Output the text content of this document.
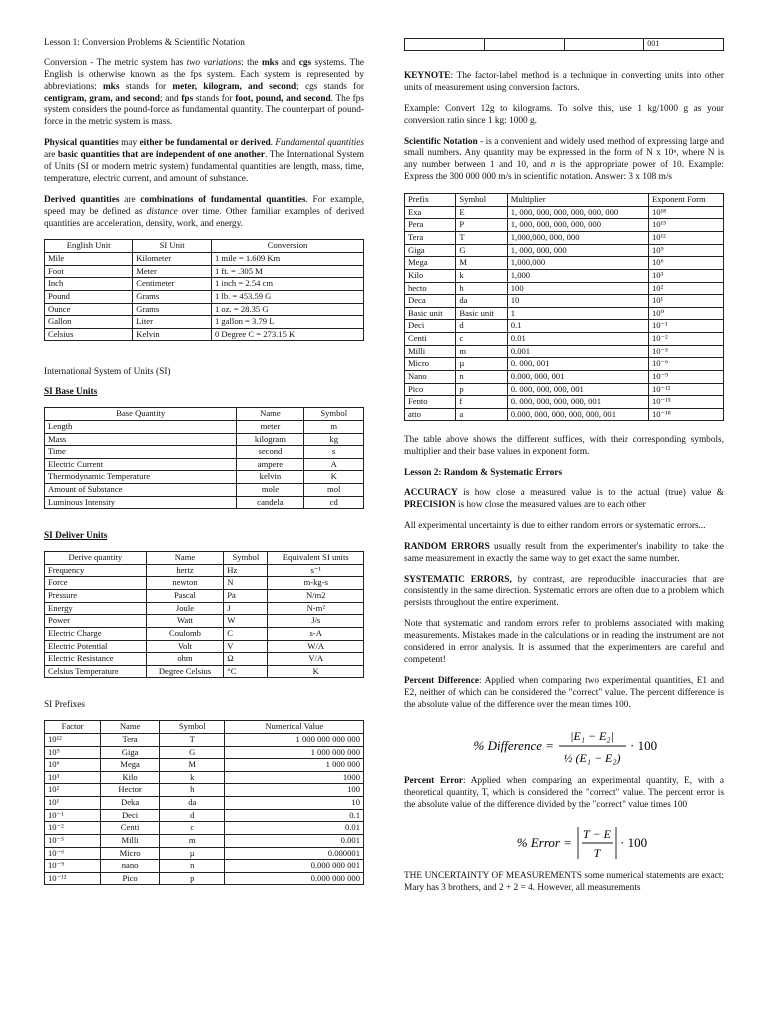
Lesson 1: Conversion Problems & Scientific Notation

Conversion - The metric system has two variations: the mks and cgs systems. The English is otherwise known as the fps system. Each system is represented by abbreviations: mks stands for meter, kilogram, and second; cgs stands for centigram, gram, and second; and fps stands for foot, pound, and second. The fps system considers the pound-force as fundamental quantity. The counterpart of pound-force in the metric system is mass.

Physical quantities may either be fundamental or derived. Fundamental quantities are basic quantities that are independent of one another. The International System of Units (SI or modern metric system) fundamental quantities are length, mass, time, temperature, electric current, and amount of substance.

Derived quantities are combinations of fundamental quantities. For example, speed may be defined as distance over time. Other familiar examples of derived quantities are acceleration, density, work, and energy.

English Unit	SI Unit	Conversion
Mile	Kilometer	1 mile = 1.609 Km
Foot	Meter	1 ft. = .305 M
Inch	Centimeter	1 inch = 2.54 cm
Pound	Grams	1 lb. = 453.59 G
Ounce	Grams	1 oz. = 28.35 G
Gallon	Liter	1 gallon = 3.79 L
Celsius	Kelvin	0 Degree C = 273.15 K

International System of Units (SI)

SI Base Units

Base Quantity	Name	Symbol
Length	meter	m
Mass	kilogram	kg
Time	second	s
Electric Current	ampere	A
Thermodynamic Temperature	kelvin	K
Amount of Substance	mole	mol
Luminous Intensity	candela	cd

SI Deliver Units

Derive quantity	Name	Symbol	Equivalent SI units
Frequency	hertz	Hz	s⁻¹
Force	newton	N	m-kg-s
Pressure	Pascal	Pa	N/m2
Energy	Joule	J	N-m²
Power	Watt	W	J/s
Electric Charge	Coulomb	C	s-A
Electric Potential	Volt	V	W/A
Electric Resistance	ohm	Ω	V/A
Celsius Temperature	Degree Celsius	°C	K

SI Prefixes

Factor	Name	Symbol	Numerical Value
10¹²	Tera	T	1 000 000 000 000
10⁹	Giga	G	1 000 000 000
10⁶	Mega	M	1 000 000
10³	Kilo	k	1000
10²	Hector	h	100
10¹	Deka	da	10
10⁻¹	Deci	d	0.1
10⁻²	Centi	c	0.01
10⁻³	Milli	m	0.001
10⁻⁶	Micro	µ	0.000001
10⁻⁹	nano	n	0.000 000 001
10⁻¹²	Pico	p	0.000 000 000
			001

KEYNOTE: The factor-label method is a technique in converting units into other units of measurement using conversion factors.

Example: Convert 12g to kilograms. To solve this, use 1 kg/1000 g as your conversion ratio since 1 kg: 1000 g.

Scientific Notation - is a convenient and widely used method of expressing large and small numbers. Any quantity may be expressed in the form of N x 10ⁿ, where N is any number between 1 and 10, and n is the appropriate power of 10. Example: Express the 300 000 000 m/s in scientific notation. Answer: 3 x 108 m/s

Prefix	Symbol	Multiplier	Exponent Form
Exa	E	1, 000, 000, 000, 000, 000, 000	10¹⁸
Pera	P	1, 000, 000, 000, 000, 000	10¹⁵
Tera	T	1,000,000, 000, 000	10¹²
Giga	G	1, 000, 000, 000	10⁹
Mega	M	1,000,000	10⁶
Kilo	k	1,000	10³
hecto	h	100	10²
Deca	da	10	10¹
Basic unit	Basic unit	1	10⁰
Deci	d	0.1	10⁻¹
Centi	c	0.01	10⁻²
Milli	m	0.001	10⁻³
Micro	µ	0. 000, 001	10⁻⁶
Nano	n	0.000, 000, 001	10⁻⁹
Pico	p	0. 000, 000, 000, 001	10⁻¹²
Fento	f	0. 000, 000, 000, 000, 001	10⁻¹⁵
atto	a	0.000, 000, 000, 000, 000, 001	10⁻¹⁸

The table above shows the different suffices, with their corresponding symbols, multiplier and their base values in exponent form.

Lesson 2: Random & Systematic Errors

ACCURACY is how close a measured value is to the actual (true) value & PRECISION is how close the measured values are to each other

All experimental uncertainty is due to either random errors or systematic errors...

RANDOM ERRORS usually result from the experimenter's inability to take the same measurement in exactly the same way to get exact the same number.

SYSTEMATIC ERRORS, by contrast, are reproducible inaccuracies that are consistently in the same direction. Systematic errors are often due to a problem which persists throughout the entire experiment.

Note that systematic and random errors refer to problems associated with making measurements. Mistakes made in the calculations or in reading the instrument are not considered in error analysis. It is assumed that the experimenters are careful and competent!

Percent Difference: Applied when comparing two experimental quantities, E1 and E2, neither of which can be considered the "correct" value. The percent difference is the absolute value of the difference over the mean times 100.

% Difference =
|E₁ − E₂|
½ (E₁ − E₂)
· 100

Percent Error: Applied when comparing an experimental quantity, E, with a theoretical quantity, T, which is considered the "correct" value. The percent error is the absolute value of the difference divided by the "correct" value times 100

% Error =
T − E
T
· 100

THE UNCERTAINTY OF MEASUREMENTS some numerical statements are exact: Mary has 3 brothers, and 2 + 2 = 4. However, all measurements
